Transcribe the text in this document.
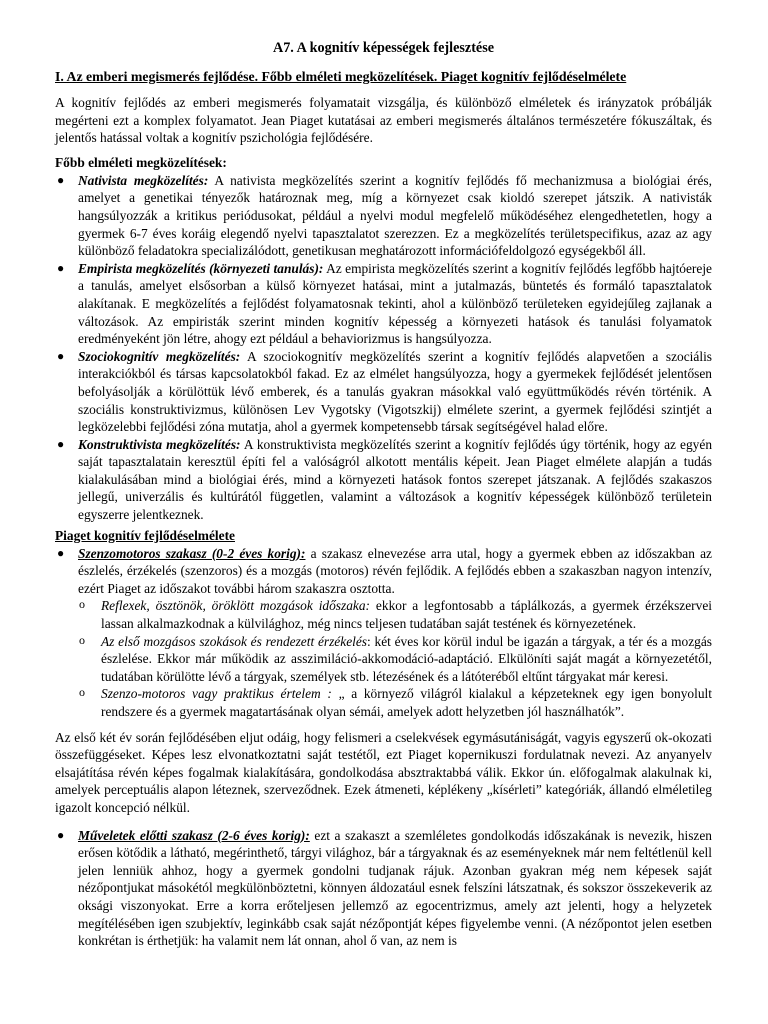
A7. A kognitív képességek fejlesztése
I. Az emberi megismerés fejlődése. Főbb elméleti megközelítések. Piaget kognitív fejlődéselmélete

A kognitív fejlődés az emberi megismerés folyamatait vizsgálja, és különböző elméletek és irányzatok próbálják megérteni ezt a komplex folyamatot. Jean Piaget kutatásai az emberi megismerés általános természetére fókuszáltak, és jelentős hatással voltak a kognitív pszichológia fejlődésére.

Főbb elméleti megközelítések:

● Nativista megközelítés: A nativista megközelítés szerint a kognitív fejlődés fő mechanizmusa a biológiai érés, amelyet a genetikai tényezők határoznak meg, míg a környezet csak kioldó szerepet játszik. A nativisták hangsúlyozzák a kritikus periódusokat, például a nyelvi modul megfelelő működéséhez elengedhetetlen, hogy a gyermek 6-7 éves koráig elegendő nyelvi tapasztalatot szerezzen. Ez a megközelítés területspecifikus, azaz az agy különböző feladatokra specializálódott, genetikusan meghatározott információfeldolgozó egységekből áll.
● Empirista megközelítés (környezeti tanulás): Az empirista megközelítés szerint a kognitív fejlődés legfőbb hajtóereje a tanulás, amelyet elsősorban a külső környezet hatásai, mint a jutalmazás, büntetés és formáló tapasztalatok alakítanak. E megközelítés a fejlődést folyamatosnak tekinti, ahol a különböző területeken egyidejűleg zajlanak a változások. Az empiristák szerint minden kognitív képesség a környezeti hatások és tanulási folyamatok eredményeként jön létre, ahogy ezt például a behaviorizmus is hangsúlyozza.
● Szociokognitív megközelítés: A szociokognitív megközelítés szerint a kognitív fejlődés alapvetően a szociális interakciókból és társas kapcsolatokból fakad. Ez az elmélet hangsúlyozza, hogy a gyermekek fejlődését jelentősen befolyásolják a körülöttük lévő emberek, és a tanulás gyakran másokkal való együttműködés révén történik. A szociális konstruktivizmus, különösen Lev Vygotsky (Vigotszkij) elmélete szerint, a gyermek fejlődési szintjét a legközelebbi fejlődési zóna mutatja, ahol a gyermek kompetensebb társak segítségével halad előre.
● Konstruktivista megközelítés: A konstruktivista megközelítés szerint a kognitív fejlődés úgy történik, hogy az egyén saját tapasztalatain keresztül építi fel a valóságról alkotott mentális képeit. Jean Piaget elmélete alapján a tudás kialakulásában mind a biológiai érés, mind a környezeti hatások fontos szerepet játszanak. A fejlődés szakaszos jellegű, univerzális és kultúrától független, valamint a változások a kognitív képességek különböző területein egyszerre jelentkeznek.

Piaget kognitív fejlődéselmélete

● Szenzomotoros szakasz (0-2 éves korig): a szakasz elnevezése arra utal, hogy a gyermek ebben az időszakban az észlelés, érzékelés (szenzoros) és a mozgás (motoros) révén fejlődik. A fejlődés ebben a szakaszban nagyon intenzív, ezért Piaget az időszakot további három szakaszra osztotta.
o Reflexek, ösztönök, öröklött mozgások időszaka: ekkor a legfontosabb a táplálkozás, a gyermek érzékszervei lassan alkalmazkodnak a külvilághoz, még nincs teljesen tudatában saját testének és környezetének.
o Az első mozgásos szokások és rendezett érzékelés: két éves kor körül indul be igazán a tárgyak, a tér és a mozgás észlelése. Ekkor már működik az asszimiláció-akkomodáció-adaptáció. Elkülöníti saját magát a környezetétől, tudatában körülötte lévő a tárgyak, személyek stb. létezésének és a látóteréből eltűnt tárgyakat már keresi.
o Szenzo-motoros vagy praktikus értelem : „ a környező világról kialakul a képzeteknek egy igen bonyolult rendszere és a gyermek magatartásának olyan sémái, amelyek adott helyzetben jól használhatók”.

Az első két év során fejlődésében eljut odáig, hogy felismeri a cselekvések egymásutániságát, vagyis egyszerű ok-okozati összefüggéseket. Képes lesz elvonatkoztatni saját testétől, ezt Piaget kopernikuszi fordulatnak nevezi. Az anyanyelv elsajátítása révén képes fogalmak kialakítására, gondolkodása absztraktabbá válik. Ekkor ún. előfogalmak alakulnak ki, amelyek perceptuális alapon léteznek, szerveződnek. Ezek átmeneti, képlékeny „kísérleti” kategóriák, állandó elméletileg igazolt koncepció nélkül.

● Műveletek előtti szakasz (2-6 éves korig): ezt a szakaszt a szemléletes gondolkodás időszakának is nevezik, hiszen erősen kötődik a látható, megérinthető, tárgyi világhoz, bár a tárgyaknak és az eseményeknek már nem feltétlenül kell jelen lenniük ahhoz, hogy a gyermek gondolni tudjanak rájuk. Azonban gyakran még nem képesek saját nézőpontjukat másokétól megkülönböztetni, könnyen áldozatául esnek felszíni látszatnak, és sokszor összekeverik az oksági viszonyokat. Erre a korra erőteljesen jellemző az egocentrizmus, amely azt jelenti, hogy a helyzetek megítélésében igen szubjektív, leginkább csak saját nézőpontját képes figyelembe venni. (A nézőpontot jelen esetben konkrétan is érthetjük: ha valamit nem lát onnan, ahol ő van, az nem is
